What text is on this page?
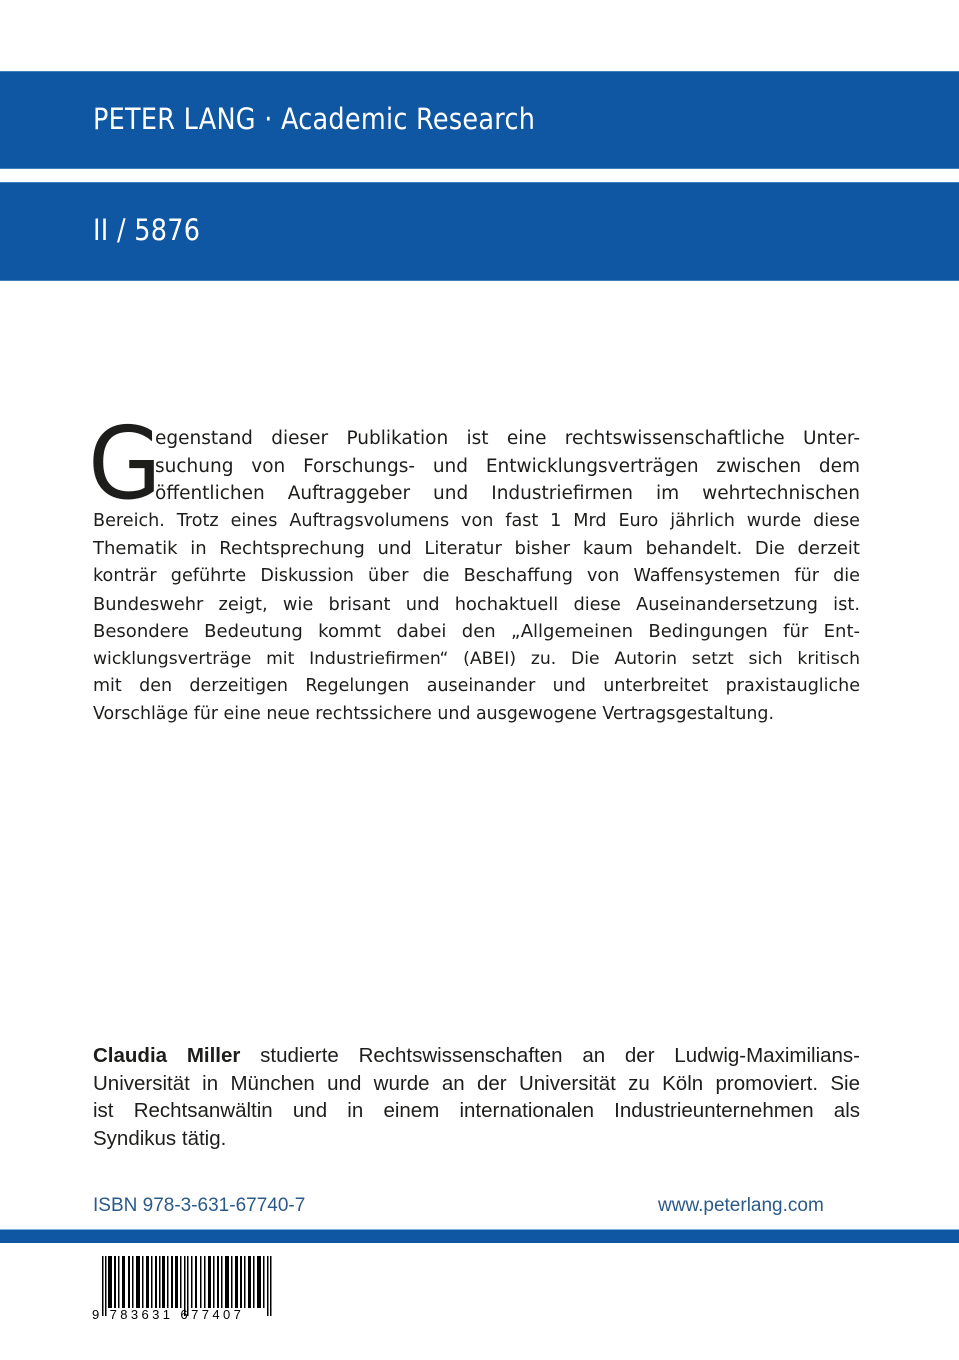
PETER LANG · Academic Research
II / 5876
G
egenstand dieser Publikation ist eine rechtswissenschaftliche Unter-
suchung von Forschungs- und Entwicklungsverträgen zwischen dem
öffentlichen Auftraggeber und Industriefirmen im wehrtechnischen
Bereich. Trotz eines Auftragsvolumens von fast 1 Mrd Euro jährlich wurde diese
Thematik in Rechtsprechung und Literatur bisher kaum behandelt. Die derzeit
konträr geführte Diskussion über die Beschaffung von Waffensystemen für die
Bundeswehr zeigt, wie brisant und hochaktuell diese Auseinandersetzung ist.
Besondere Bedeutung kommt dabei den „Allgemeinen Bedingungen für Ent-
wicklungsverträge mit Industriefirmen“ (ABEI) zu. Die Autorin setzt sich kritisch
mit den derzeitigen Regelungen auseinander und unterbreitet praxistaugliche
Vorschläge für eine neue rechtssichere und ausgewogene Vertragsgestaltung.
Claudia Miller studierte Rechtswissenschaften an der Ludwig-Maximilians-
Universität in München und wurde an der Universität zu Köln promoviert. Sie
ist Rechtsanwältin und in einem internationalen Industrieunternehmen als
Syndikus tätig.
ISBN 978-3-631-67740-7	www.peterlang.com
9 783631 677407
